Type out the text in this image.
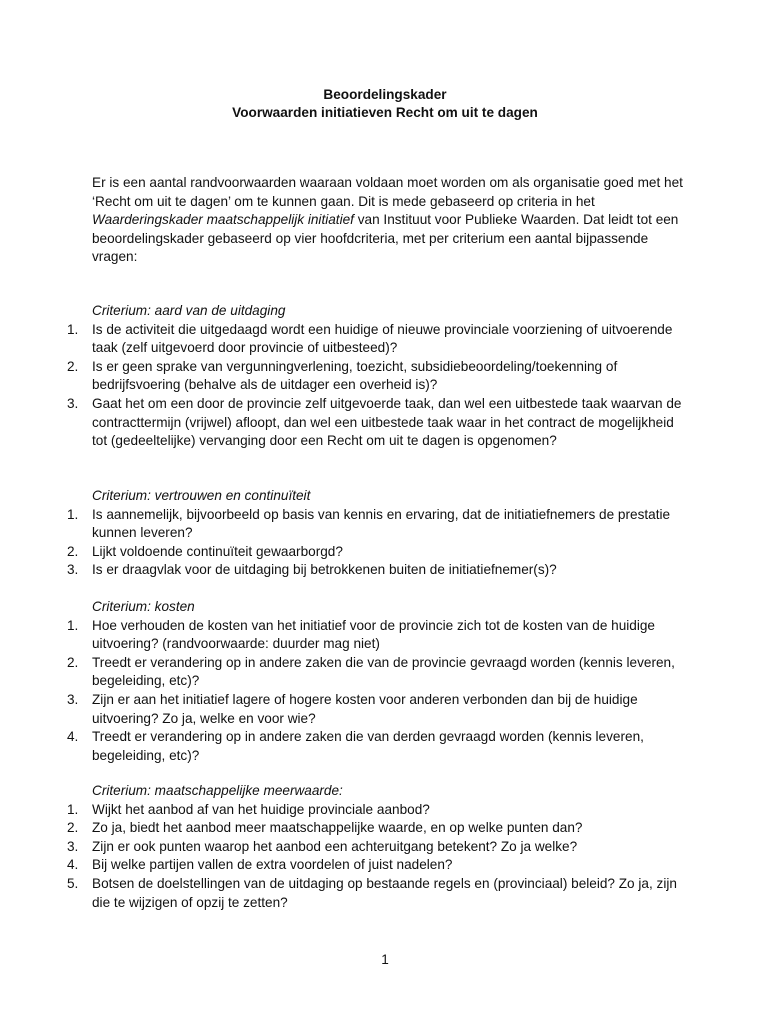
Beoordelingskader
Voorwaarden initiatieven Recht om uit te dagen

Er is een aantal randvoorwaarden waaraan voldaan moet worden om als organisatie goed met het ‘Recht om uit te dagen’ om te kunnen gaan. Dit is mede gebaseerd op criteria in het Waarderingskader maatschappelijk initiatief van Instituut voor Publieke Waarden. Dat leidt tot een beoordelingskader gebaseerd op vier hoofdcriteria, met per criterium een aantal bijpassende vragen:

Criterium: aard van de uitdaging
1. Is de activiteit die uitgedaagd wordt een huidige of nieuwe provinciale voorziening of uitvoerende taak (zelf uitgevoerd door provincie of uitbesteed)?
2. Is er geen sprake van vergunningverlening, toezicht, subsidiebeoordeling/toekenning of bedrijfsvoering (behalve als de uitdager een overheid is)?
3. Gaat het om een door de provincie zelf uitgevoerde taak, dan wel een uitbestede taak waarvan de contracttermijn (vrijwel) afloopt, dan wel een uitbestede taak waar in het contract de mogelijkheid tot (gedeeltelijke) vervanging door een Recht om uit te dagen is opgenomen?
Criterium: vertrouwen en continuïteit
1. Is aannemelijk, bijvoorbeeld op basis van kennis en ervaring, dat de initiatiefnemers de prestatie kunnen leveren?
2. Lijkt voldoende continuïteit gewaarborgd?
3. Is er draagvlak voor de uitdaging bij betrokkenen buiten de initiatiefnemer(s)?
Criterium: kosten
1. Hoe verhouden de kosten van het initiatief voor de provincie zich tot de kosten van de huidige uitvoering? (randvoorwaarde: duurder mag niet)
2. Treedt er verandering op in andere zaken die van de provincie gevraagd worden (kennis leveren, begeleiding, etc)?
3. Zijn er aan het initiatief lagere of hogere kosten voor anderen verbonden dan bij de huidige uitvoering? Zo ja, welke en voor wie?
4. Treedt er verandering op in andere zaken die van derden gevraagd worden (kennis leveren, begeleiding, etc)?
Criterium: maatschappelijke meerwaarde:
1. Wijkt het aanbod af van het huidige provinciale aanbod?
2. Zo ja, biedt het aanbod meer maatschappelijke waarde, en op welke punten dan?
3. Zijn er ook punten waarop het aanbod een achteruitgang betekent? Zo ja welke?
4. Bij welke partijen vallen de extra voordelen of juist nadelen?
5. Botsen de doelstellingen van de uitdaging op bestaande regels en (provinciaal) beleid? Zo ja, zijn die te wijzigen of opzij te zetten?
1
